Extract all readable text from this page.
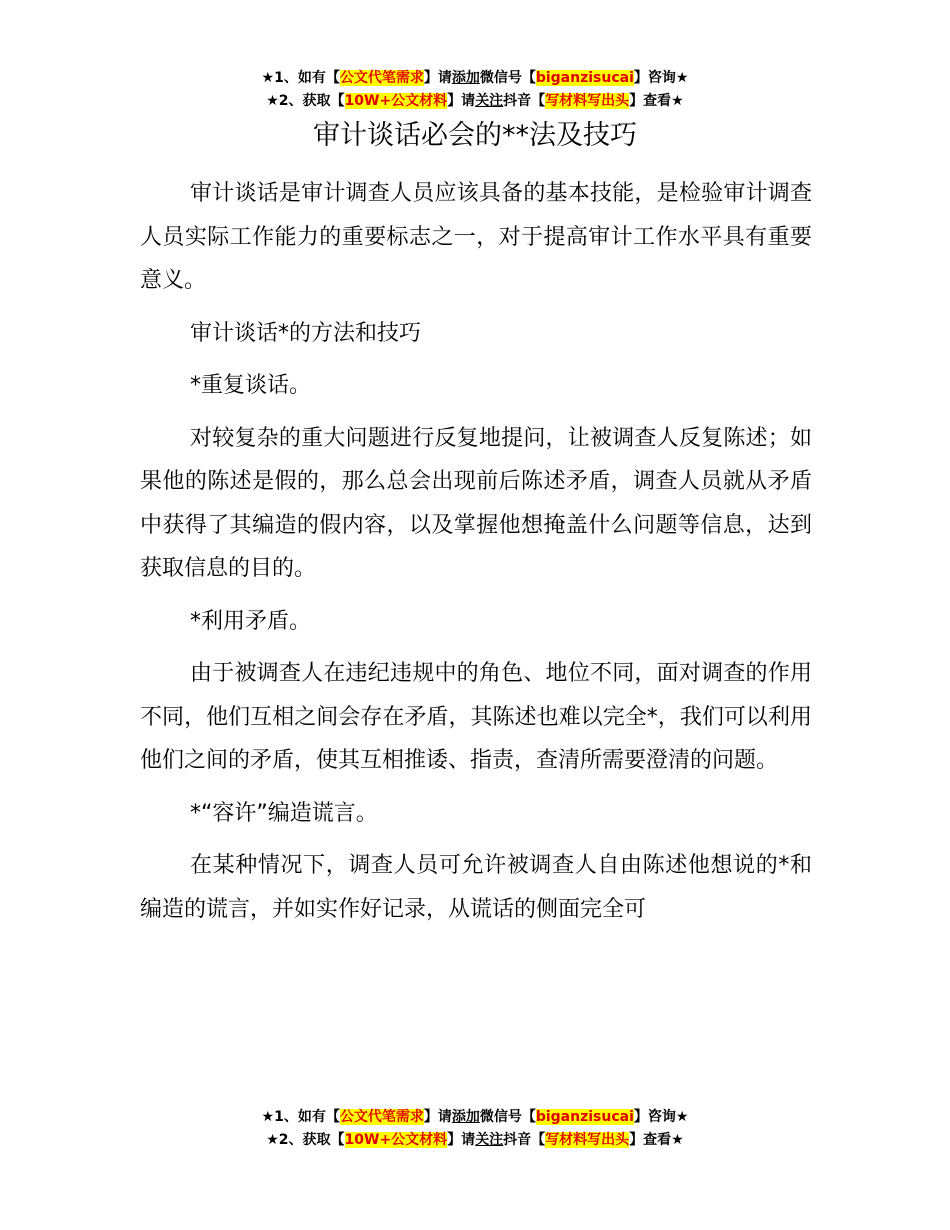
★1、如有【公文代笔需求】请添加微信号【biganzisucai】咨询★
★2、获取【10W+公文材料】请关注抖音【写材料写出头】查看★
审计谈话必会的**法及技巧

审计谈话是审计调查人员应该具备的基本技能，是检验审计调查人员实际工作能力的重要标志之一，对于提高审计工作水平具有重要意义。

审计谈话*的方法和技巧

*重复谈话。

对较复杂的重大问题进行反复地提问，让被调查人反复陈述；如果他的陈述是假的，那么总会出现前后陈述矛盾，调查人员就从矛盾中获得了其编造的假内容，以及掌握他想掩盖什么问题等信息，达到获取信息的目的。

*利用矛盾。

由于被调查人在违纪违规中的角色、地位不同，面对调查的作用不同，他们互相之间会存在矛盾，其陈述也难以完全*，我们可以利用他们之间的矛盾，使其互相推诿、指责，查清所需要澄清的问题。

*“容许”编造谎言。

在某种情况下，调查人员可允许被调查人自由陈述他想说的*和编造的谎言，并如实作好记录，从谎话的侧面完全可

★1、如有【公文代笔需求】请添加微信号【biganzisucai】咨询★
★2、获取【10W+公文材料】请关注抖音【写材料写出头】查看★
